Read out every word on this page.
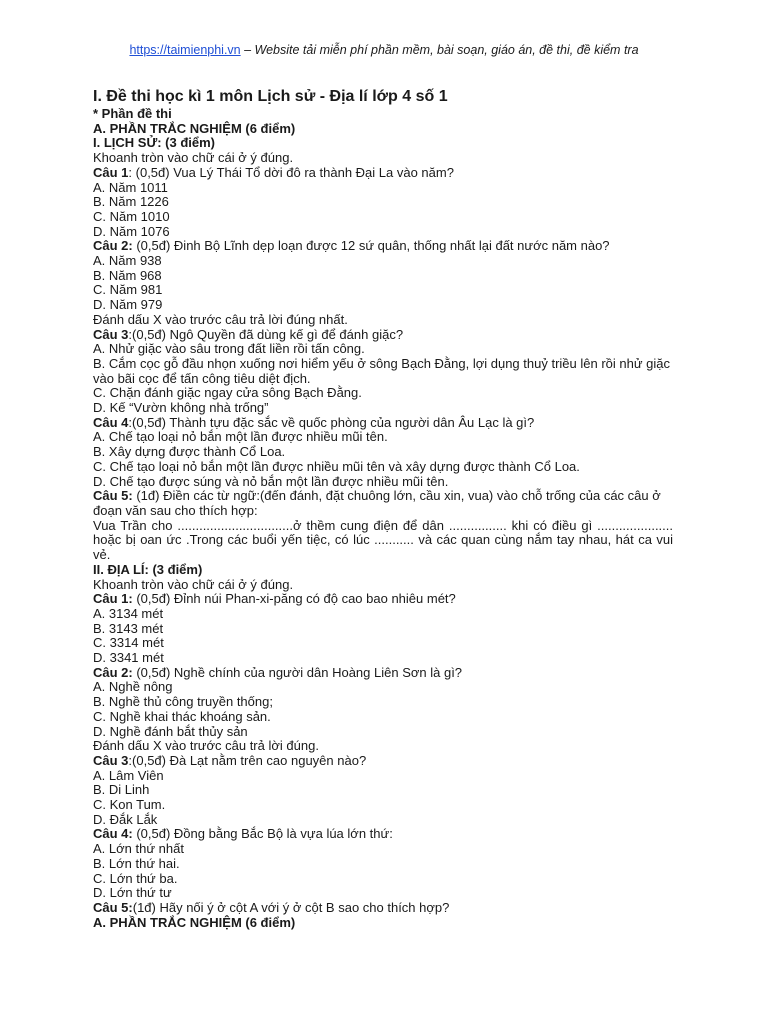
https://taimienphi.vn – Website tải miễn phí phần mềm, bài soạn, giáo án, đề thi, đề kiểm tra
I. Đề thi học kì 1 môn Lịch sử - Địa lí lớp 4 số 1
* Phần đề thi
A. PHẦN TRẮC NGHIỆM (6 điểm)
I. LỊCH SỬ: (3 điểm)
Khoanh tròn vào chữ cái ở ý đúng.
Câu 1: (0,5đ) Vua Lý Thái Tổ dời đô ra thành Đại La vào năm?
A. Năm 1011
B. Năm 1226
C. Năm 1010
D. Năm 1076
Câu 2: (0,5đ) Đinh Bộ Lĩnh dẹp loạn được 12 sứ quân, thống nhất lại đất nước năm nào?
A. Năm 938
B. Năm 968
C. Năm 981
D. Năm 979
Đánh dấu X vào trước câu trả lời đúng nhất.
Câu 3:(0,5đ) Ngô Quyền đã dùng kế gì để đánh giặc?
A. Nhử giặc vào sâu trong đất liền rồi tấn công.
B. Cắm cọc gỗ đầu nhọn xuống nơi hiểm yếu ở sông Bạch Đằng, lợi dụng thuỷ triều lên rồi nhử giặc vào bãi cọc để tấn công tiêu diệt địch.
C. Chặn đánh giặc ngay cửa sông Bạch Đằng.
D. Kế “Vườn không nhà trống”
Câu 4:(0,5đ) Thành tựu đặc sắc về quốc phòng của người dân Âu Lạc là gì?
A. Chế tạo loại nỏ bắn một lần được nhiều mũi tên.
B. Xây dựng được thành Cổ Loa.
C. Chế tạo loại nỏ bắn một lần được nhiều mũi tên và xây dựng được thành Cổ Loa.
D. Chế tạo được súng và nỏ bắn một lần được nhiều mũi tên.
Câu 5: (1đ) Điền các từ ngữ:(đến đánh, đặt chuông lớn, cầu xin, vua) vào chỗ trống của các câu ở đoạn văn sau cho thích hợp:
Vua Trần cho ................................ở thềm cung điện để dân ................ khi có điều gì ..................... hoặc bị oan ức .Trong các buổi yến tiệc, có lúc ........... và các quan cùng nắm tay nhau, hát ca vui vẻ.
II. ĐỊA LÍ: (3 điểm)
Khoanh tròn vào chữ cái ở ý đúng.
Câu 1: (0,5đ) Đỉnh núi Phan-xi-păng có độ cao bao nhiêu mét?
A. 3134 mét
B. 3143 mét
C. 3314 mét
D. 3341 mét
Câu 2: (0,5đ) Nghề chính của người dân Hoàng Liên Sơn là gì?
A. Nghề nông
B. Nghề thủ công truyền thống;
C. Nghề khai thác khoáng sản.
D. Nghề đánh bắt thủy sản
Đánh dấu X vào trước câu trả lời đúng.
Câu 3:(0,5đ) Đà Lạt nằm trên cao nguyên nào?
A. Lâm Viên
B. Di Linh
C. Kon Tum.
D. Đắk Lắk
Câu 4: (0,5đ) Đồng bằng Bắc Bộ là vựa lúa lớn thứ:
A. Lớn thứ nhất
B. Lớn thứ hai.
C. Lớn thứ ba.
D. Lớn thứ tư
Câu 5:(1đ) Hãy nối ý ở cột A với ý ở cột B sao cho thích hợp?
A. PHẦN TRẮC NGHIỆM (6 điểm)
